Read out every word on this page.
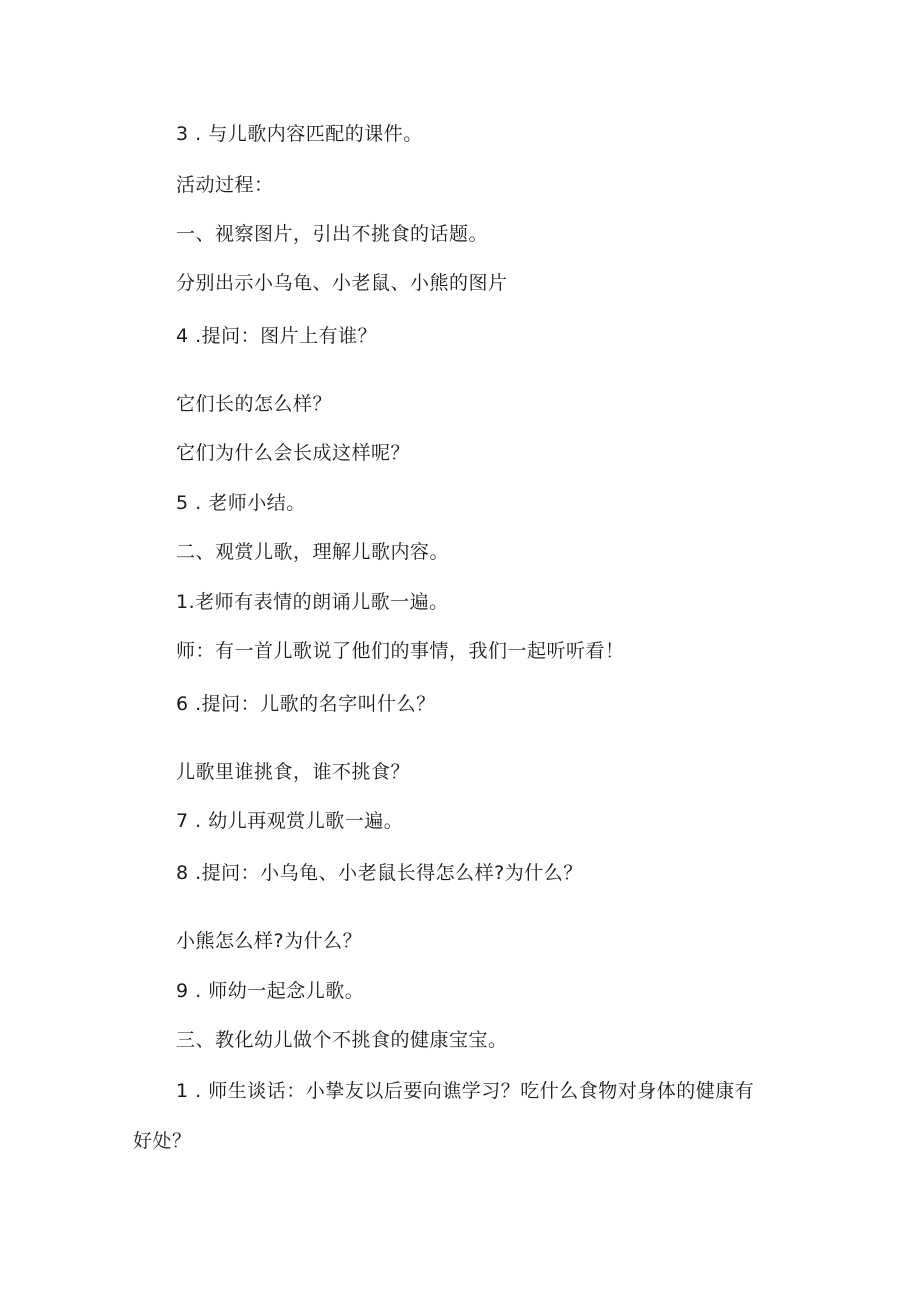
3 . 与儿歌内容匹配的课件。
活动过程：
一、视察图片，引出不挑食的话题。
分别出示小乌龟、小老鼠、小熊的图片
4 .提问：图片上有谁？
它们长的怎么样？
它们为什么会长成这样呢？
5 . 老师小结。
二、观赏儿歌，理解儿歌内容。
1.老师有表情的朗诵儿歌一遍。
师：有一首儿歌说了他们的事情，我们一起听听看！
6 .提问：儿歌的名字叫什么？
儿歌里谁挑食，谁不挑食？
7 . 幼儿再观赏儿歌一遍。
8 .提问：小乌龟、小老鼠长得怎么样?为什么？
小熊怎么样?为什么？
9 . 师幼一起念儿歌。
三、教化幼儿做个不挑食的健康宝宝。
1 . 师生谈话：小挚友以后要向谯学习？吃什么食物对身体的健康有
好处？
